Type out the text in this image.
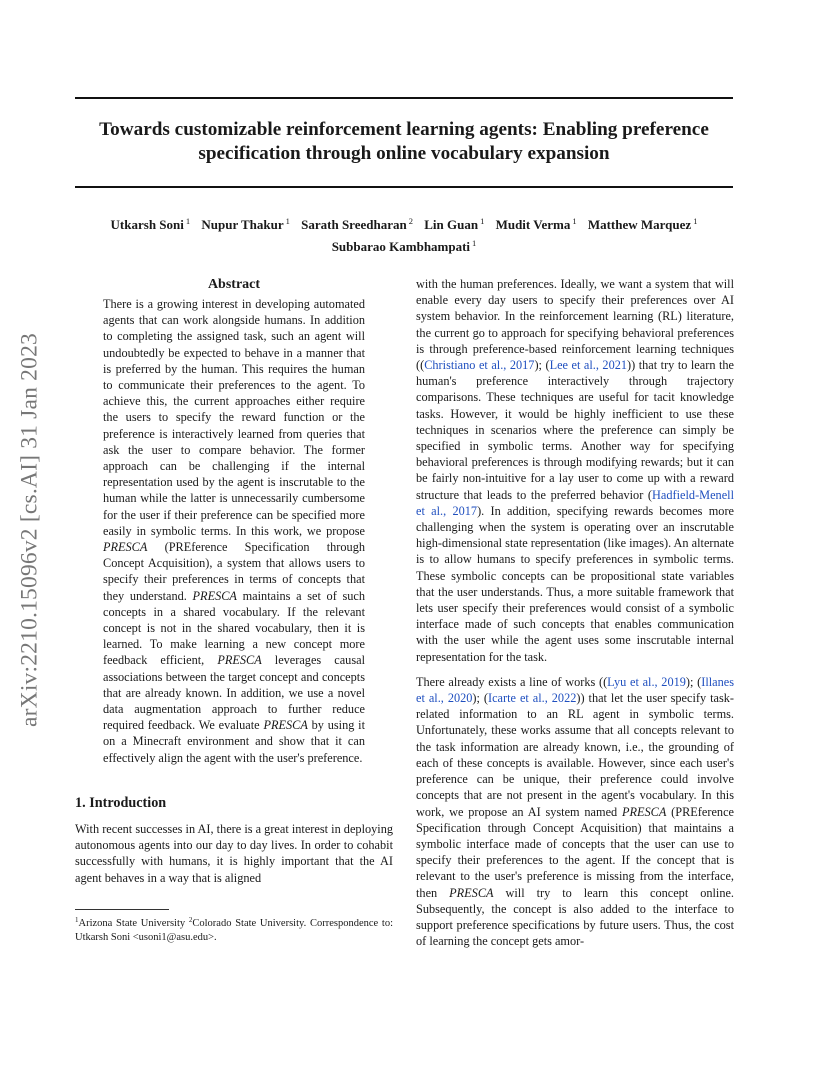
arXiv:2210.15096v2 [cs.AI] 31 Jan 2023
Towards customizable reinforcement learning agents: Enabling preference
specification through online vocabulary expansion
Utkarsh Soni $^1$ Nupur Thakur $^1$ Sarath Sreedharan $^2$ Lin Guan $^1$ Mudit Verma $^1$ Matthew Marquez $^1$
Subbarao Kambhampati $^1$
Abstract

There is a growing interest in developing automated agents that can work alongside humans. In addition to completing the assigned task, such an agent will undoubtedly be expected to behave in a manner that is preferred by the human. This requires the human to communicate their preferences to the agent. To achieve this, the current approaches either require the users to specify the reward function or the preference is interactively learned from queries that ask the user to compare behavior. The former approach can be challenging if the internal representation used by the agent is inscrutable to the human while the latter is unnecessarily cumbersome for the user if their preference can be specified more easily in symbolic terms. In this work, we propose PRESCA (PREference Specification through Concept Acquisition), a system that allows users to specify their preferences in terms of concepts that they understand. PRESCA maintains a set of such concepts in a shared vocabulary. If the relevant concept is not in the shared vocabulary, then it is learned. To make learning a new concept more feedback efficient, PRESCA leverages causal associations between the target concept and concepts that are already known. In addition, we use a novel data augmentation approach to further reduce required feedback. We evaluate PRESCA by using it on a Minecraft environment and show that it can effectively align the agent with the user's preference.

1. Introduction

With recent successes in AI, there is a great interest in deploying autonomous agents into our day to day lives. In order to cohabit successfully with humans, it is highly important that the AI agent behaves in a way that is aligned

$^1$Arizona State University $^2$Colorado State University. Correspondence to: Utkarsh Soni <usoni1@asu.edu>.

with the human preferences. Ideally, we want a system that will enable every day users to specify their preferences over AI system behavior. In the reinforcement learning (RL) literature, the current go to approach for specifying behavioral preferences is through preference-based reinforcement learning techniques ((Christiano et al., 2017); (Lee et al., 2021)) that try to learn the human's preference interactively through trajectory comparisons. These techniques are useful for tacit knowledge tasks. However, it would be highly inefficient to use these techniques in scenarios where the preference can simply be specified in symbolic terms. Another way for specifying behavioral preferences is through modifying rewards; but it can be fairly non-intuitive for a lay user to come up with a reward structure that leads to the preferred behavior (Hadfield-Menell et al., 2017). In addition, specifying rewards becomes more challenging when the system is operating over an inscrutable high-dimensional state representation (like images). An alternate is to allow humans to specify preferences in symbolic terms. These symbolic concepts can be propositional state variables that the user understands. Thus, a more suitable framework that lets user specify their preferences would consist of a symbolic interface made of such concepts that enables communication with the user while the agent uses some inscrutable internal representation for the task.

There already exists a line of works ((Lyu et al., 2019); (Illanes et al., 2020); (Icarte et al., 2022)) that let the user specify task-related information to an RL agent in symbolic terms. Unfortunately, these works assume that all concepts relevant to the task information are already known, i.e., the grounding of each of these concepts is available. However, since each user's preference can be unique, their preference could involve concepts that are not present in the agent's vocabulary. In this work, we propose an AI system named PRESCA (PREference Specification through Concept Acquisition) that maintains a symbolic interface made of concepts that the user can use to specify their preferences to the agent. If the concept that is relevant to the user's preference is missing from the interface, then PRESCA will try to learn this concept online. Subsequently, the concept is also added to the interface to support preference specifications by future users. Thus, the cost of learning the concept gets amor-
